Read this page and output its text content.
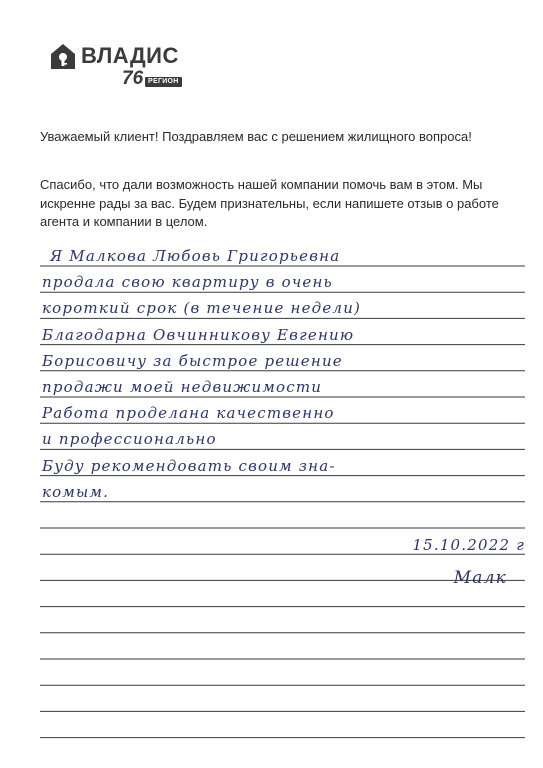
ВЛАДИС
76 РЕГИОН
Уважаемый клиент! Поздравляем вас с решением жилищного вопроса!
Спасибо, что дали возможность нашей компании помочь вам в этом. Мы искренне рады за вас. Будем признательны, если напишете отзыв о работе агента и компании в целом.
Я Малкова Любовь Григорьевна
продала свою квартиру в очень
короткий срок (в течение недели)
Благодарна Овчинникову Евгению
Борисовичу за быстрое решение
продажи моей недвижимости
Работа проделана качественно
и профессионально
Буду рекомендовать своим зна-
комым.
15.10.2022 г
Малк
